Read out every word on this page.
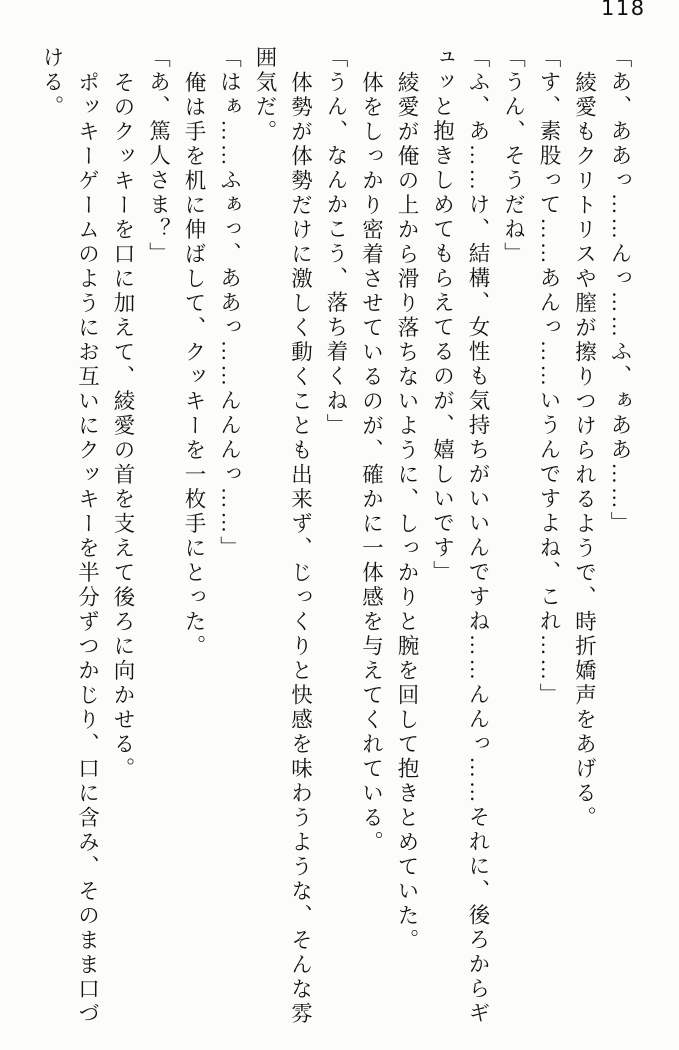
118
「あ、ああっ……んっ……ふ、ぁああ……」
綾愛もクリトリスや膣が擦りつけられるようで、時折嬌声をあげる。
「す、素股って……あんっ……いうんですよね、これ……」
「うん、そうだね」
「ふ、あ……け、結構、女性も気持ちがいいんですね……んんっ……それに、後ろからギ
ュッと抱きしめてもらえてるのが、嬉しいです」
綾愛が俺の上から滑り落ちないように、しっかりと腕を回して抱きとめていた。
体をしっかり密着させているのが、確かに一体感を与えてくれている。
「うん、なんかこう、落ち着くね」
体勢が体勢だけに激しく動くことも出来ず、じっくりと快感を味わうような、そんな雰
囲気だ。
「はぁ……ふぁっ、ああっ……んんんっ……」
俺は手を机に伸ばして、クッキーを一枚手にとった。
「あ、篤人さま？」
そのクッキーを口に加えて、綾愛の首を支えて後ろに向かせる。
ポッキーゲームのようにお互いにクッキーを半分ずつかじり、口に含み、そのまま口づ
ける。
